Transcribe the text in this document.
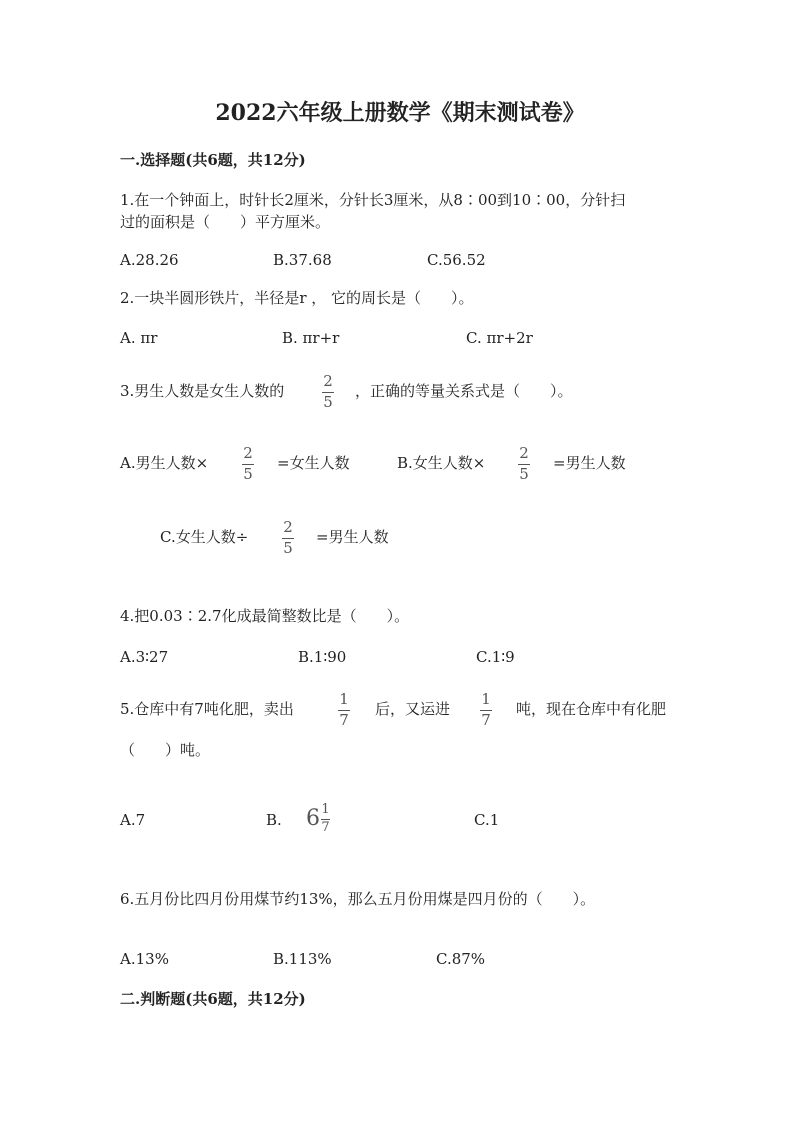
2022六年级上册数学《期末测试卷》
一.选择题(共6题，共12分)
1.在一个钟面上，时针长2厘米，分针长3厘米，从8∶00到10∶00，分针扫
过的面积是（　　）平方厘米。
A.28.26	B.37.68	C.56.52
2.一块半圆形铁片，半径是r ， 它的周长是（　　）。
A. πr	B. πr+r	C. πr+2r
3.男生人数是女生人数的
2
5
，正确的等量关系式是（　　）。
A.男生人数×
2
5
=女生人数	B.女生人数×
2
5
=男生人数
C.女生人数÷
2
5
=男生人数
4.把0.03∶2.7化成最简整数比是（　　）。
A.3∶27	B.1∶90	C.1∶9
5.仓库中有7吨化肥，卖出
1
7
后，又运进
1
7
吨，现在仓库中有化肥
（　　）吨。
A.7	B. $6 \frac{1}{7}$	C.1
6.五月份比四月份用煤节约13%，那么五月份用煤是四月份的（　　）。
A.13%	B.113%	C.87%
二.判断题(共6题，共12分)
